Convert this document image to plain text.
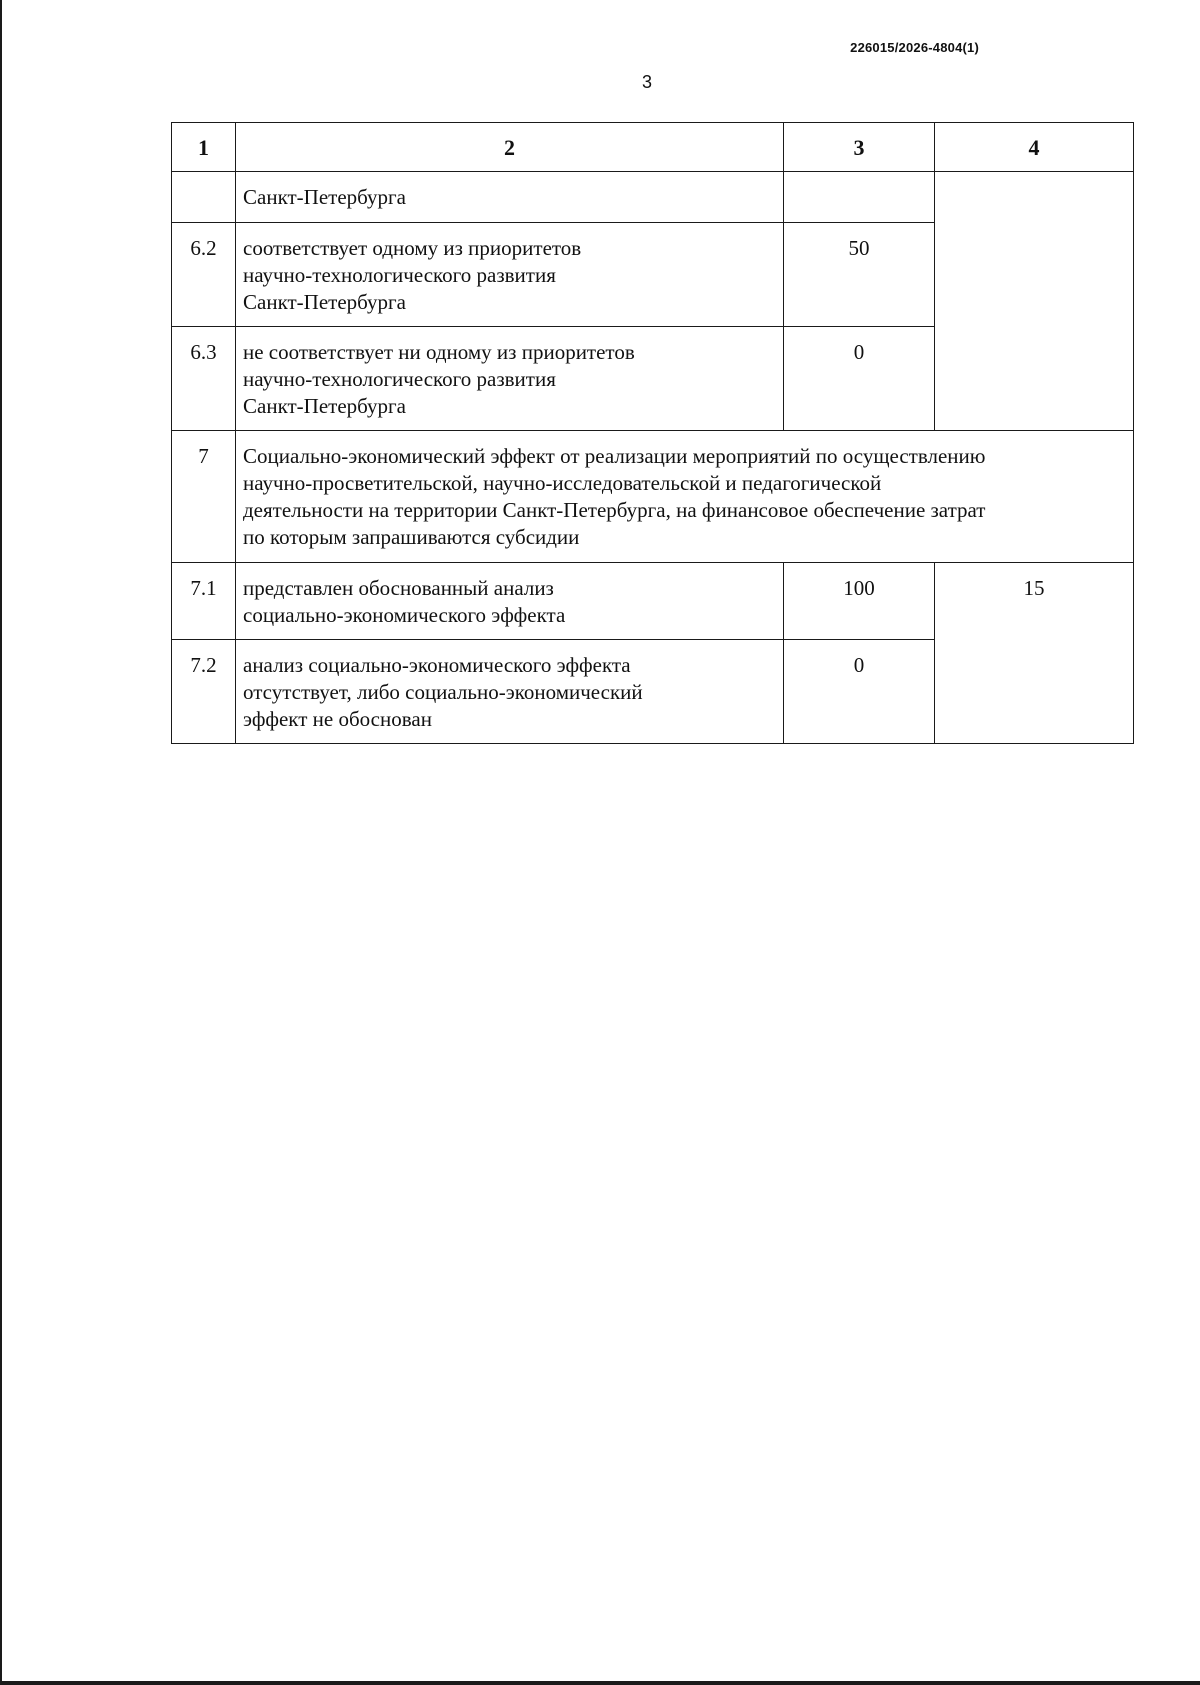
226015/2026-4804(1)
3
1	2	3	4

	Санкт-Петербурга		

6.2	соответствует одному из приоритетов
научно-технологического развития
Санкт-Петербурга	50	
6.3	не соответствует ни одному из приоритетов
научно-технологического развития
Санкт-Петербурга	0	
7	Социально-экономический эффект от реализации мероприятий по осуществлению
научно-просветительской, научно-исследовательской и педагогической
деятельности на территории Санкт-Петербурга, на финансовое обеспечение затрат
по которым запрашиваются субсидии		

7.1	представлен обоснованный анализ
социально-экономического эффекта	100	15
7.2	анализ социально-экономического эффекта
отсутствует, либо социально-экономический
эффект не обоснован	0	
